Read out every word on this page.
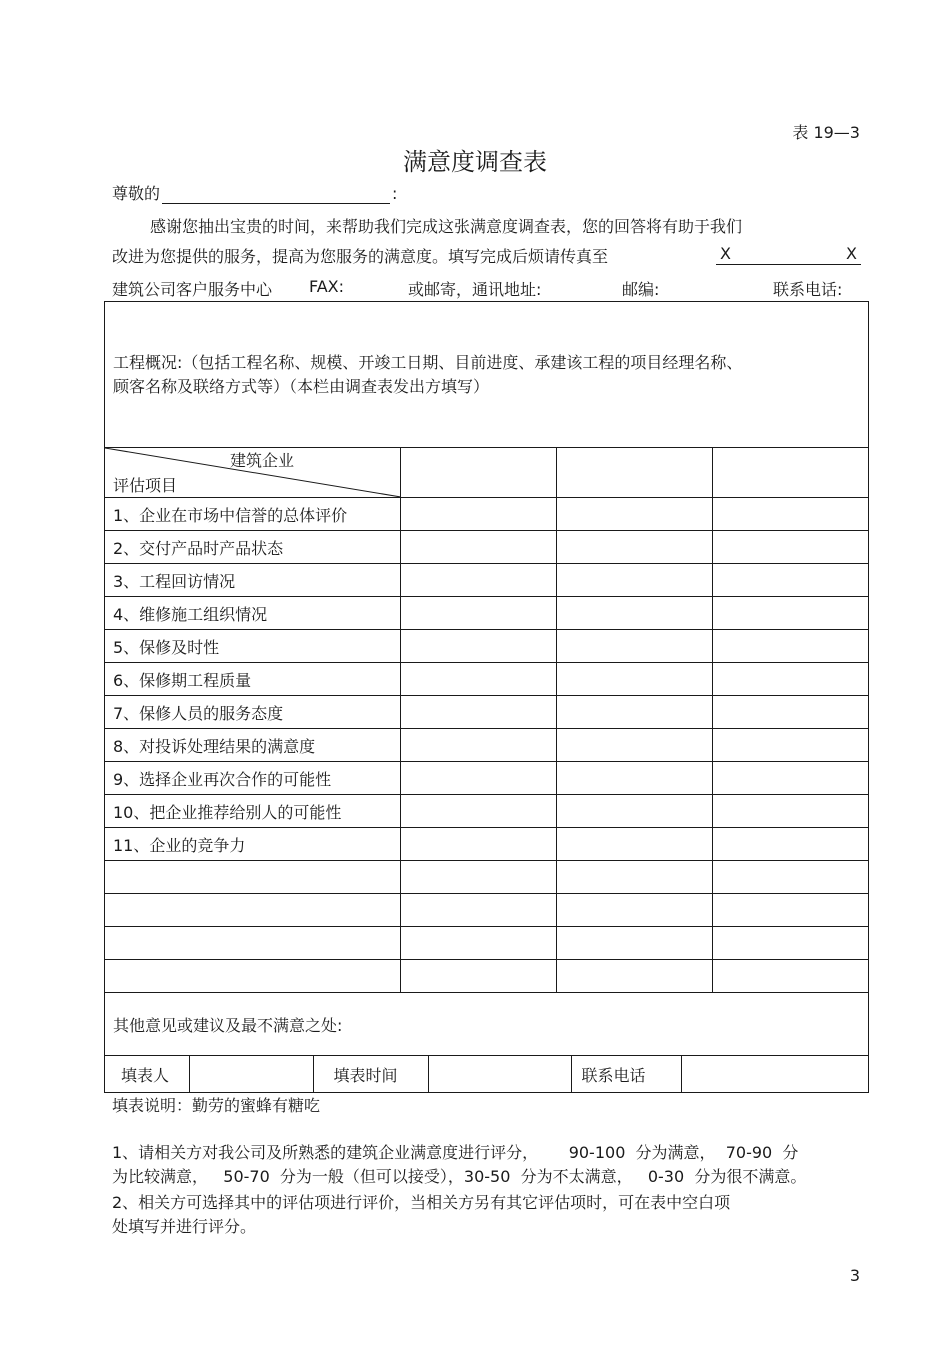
表 19—3
满意度调查表
尊敬的	:
感谢您抽出宝贵的时间，来帮助我们完成这张满意度调查表，您的回答将有助于我们
改进为您提供的服务，提高为您服务的满意度。填写完成后烦请传真至	X	X
建筑公司客户服务中心 FAX:	或邮寄，通讯地址:	邮编:	联系电话:
工程概况:（包括工程名称、规模、开竣工日期、目前进度、承建该工程的项目经理名称、
顾客名称及联络方式等）（本栏由调查表发出方填写）

建筑企业
评估项目

1、企业在市场中信誉的总体评价			
2、交付产品时产品状态			
3、工程回访情况			
4、维修施工组织情况			
5、保修及时性			
6、保修期工程质量			
7、保修人员的服务态度			
8、对投诉处理结果的满意度			
9、选择企业再次合作的可能性			
10、把企业推荐给别人的可能性			
11、企业的竞争力			

其他意见或建议及最不满意之处:

填表人		填表时间		联系电话	
填表说明：勤劳的蜜蜂有糖吃
1、请相关方对我公司及所熟悉的建筑企业满意度进行评分，      90-100  分为满意，  70-90  分
为比较满意，   50-70  分为一般（但可以接受），30-50  分为不太满意，   0-30  分为很不满意。
2、相关方可选择其中的评估项进行评价，当相关方另有其它评估项时，可在表中空白项
处填写并进行评分。
3
